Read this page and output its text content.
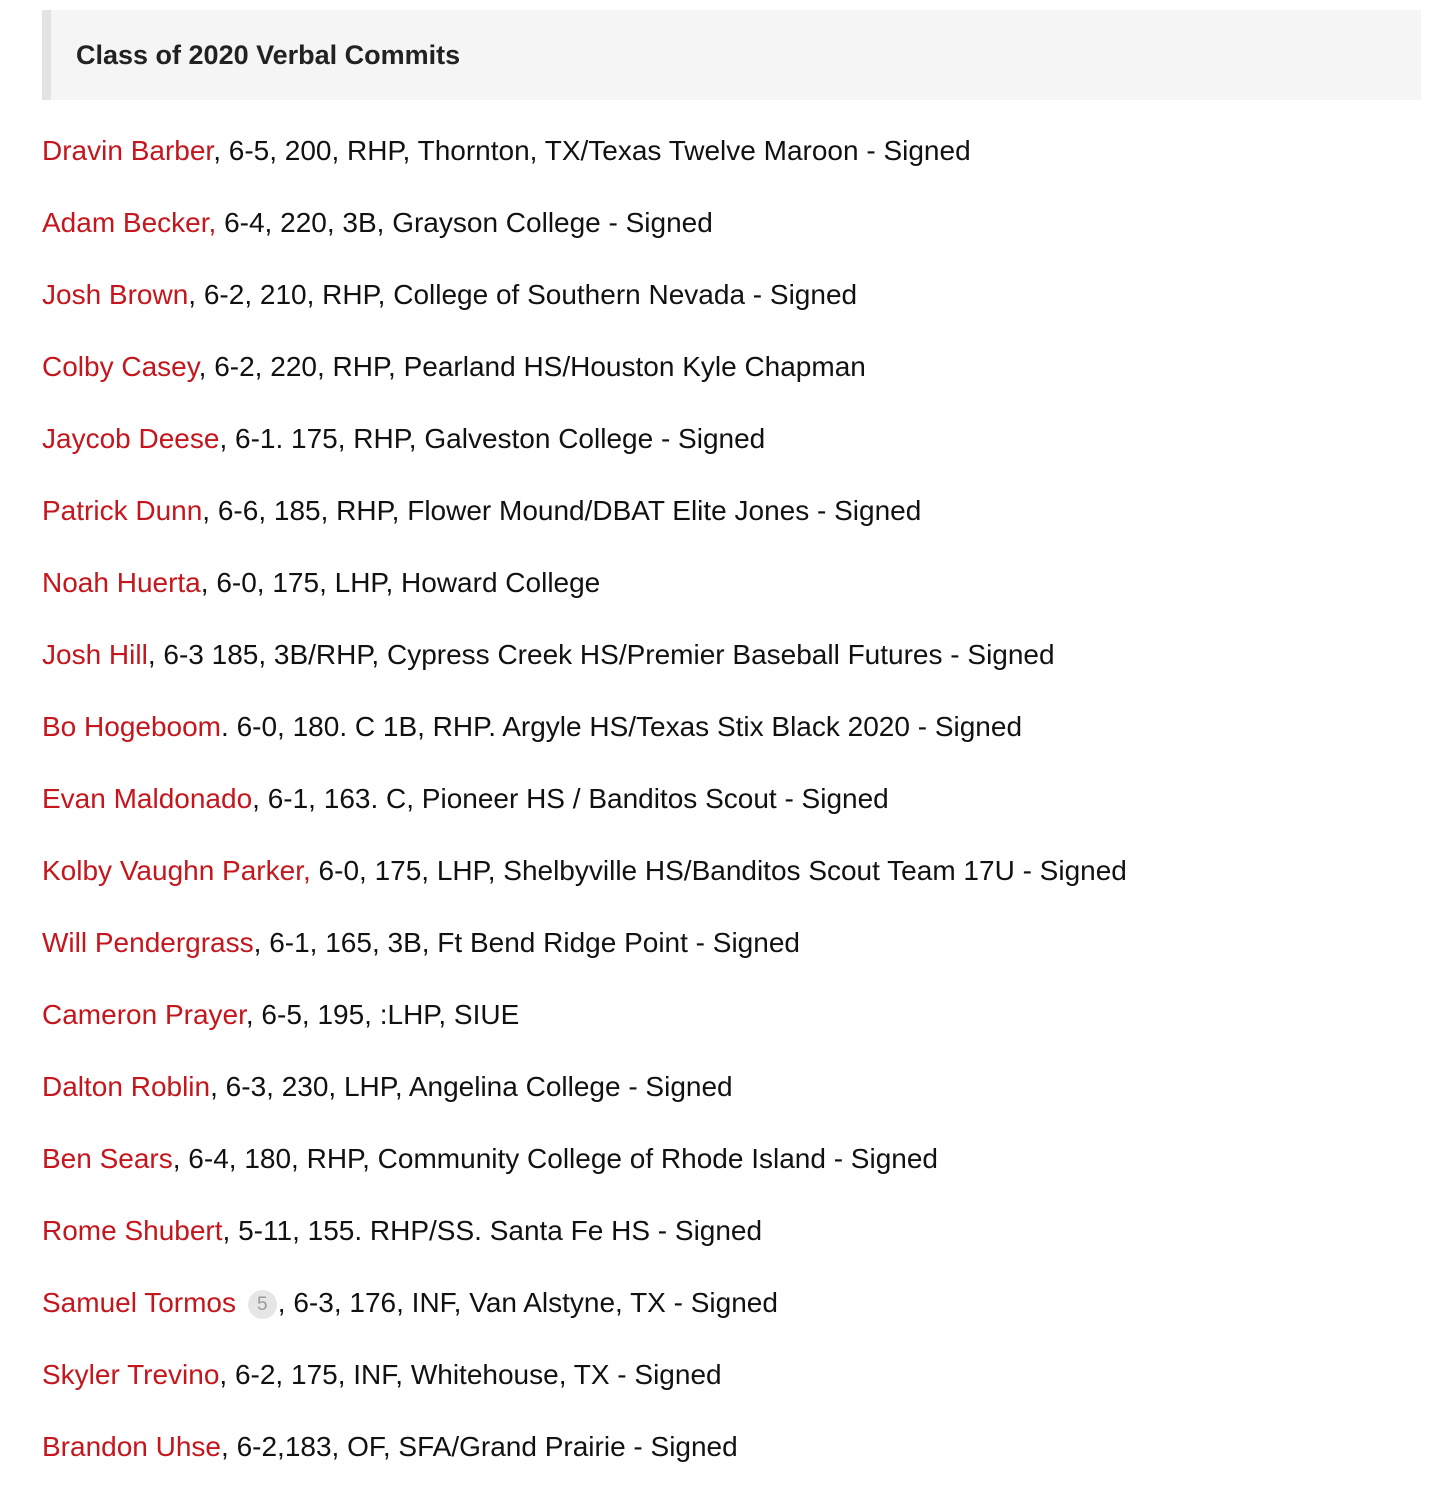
Class of 2020 Verbal Commits
Dravin Barber, 6-5, 200, RHP, Thornton, TX/Texas Twelve Maroon - Signed
Adam Becker, 6-4, 220, 3B, Grayson College - Signed
Josh Brown, 6-2, 210, RHP, College of Southern Nevada - Signed
Colby Casey, 6-2, 220, RHP, Pearland HS/Houston Kyle Chapman
Jaycob Deese, 6-1. 175, RHP, Galveston College - Signed
Patrick Dunn, 6-6, 185, RHP, Flower Mound/DBAT Elite Jones - Signed
Noah Huerta, 6-0, 175, LHP, Howard College
Josh Hill, 6-3 185, 3B/RHP, Cypress Creek HS/Premier Baseball Futures - Signed
Bo Hogeboom. 6-0, 180. C 1B, RHP. Argyle HS/Texas Stix Black 2020 - Signed
Evan Maldonado, 6-1, 163. C, Pioneer HS / Banditos Scout - Signed
Kolby Vaughn Parker, 6-0, 175, LHP, Shelbyville HS/Banditos Scout Team 17U - Signed
Will Pendergrass, 6-1, 165, 3B, Ft Bend Ridge Point - Signed
Cameron Prayer, 6-5, 195, :LHP, SIUE
Dalton Roblin, 6-3, 230, LHP, Angelina College - Signed
Ben Sears, 6-4, 180, RHP, Community College of Rhode Island - Signed
Rome Shubert, 5-11, 155. RHP/SS. Santa Fe HS - Signed
Samuel Tormos 5 , 6-3, 176, INF, Van Alstyne, TX - Signed
Skyler Trevino, 6-2, 175, INF, Whitehouse, TX - Signed
Brandon Uhse, 6-2,183, OF, SFA/Grand Prairie - Signed
